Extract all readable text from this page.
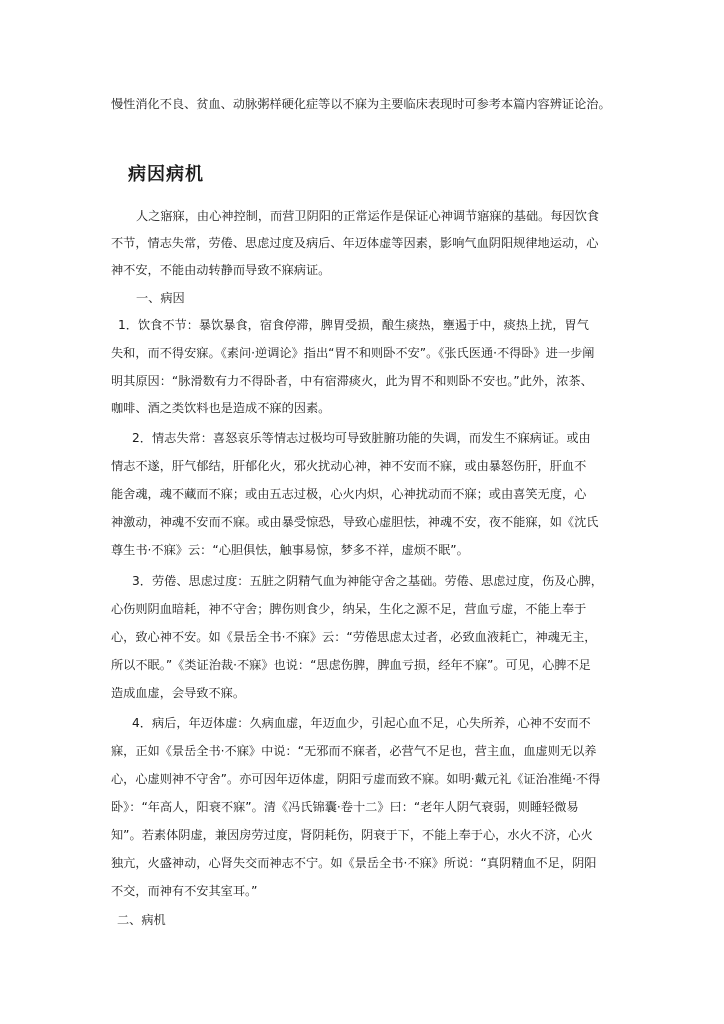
慢性消化不良、贫血、动脉粥样硬化症等以不寐为主要临床表现时可参考本篇内容辨证论治。
病因病机
人之寤寐，由心神控制，而营卫阴阳的正常运作是保证心神调节寤寐的基础。每因饮食
不节，情志失常，劳倦、思虑过度及病后、年迈体虚等因素，影响气血阴阳规律地运动，心
神不安，不能由动转静而导致不寐病证。
一、病因
1．饮食不节：暴饮暴食，宿食停滞，脾胃受损，酿生痰热，壅遏于中，痰热上扰，胃气
失和，而不得安寐。《素问·逆调论》指出“胃不和则卧不安”。《张氏医通·不得卧》进一步阐
明其原因：“脉滑数有力不得卧者，中有宿滞痰火，此为胃不和则卧不安也。”此外，浓茶、
咖啡、酒之类饮料也是造成不寐的因素。
2．情志失常：喜怒哀乐等情志过极均可导致脏腑功能的失调，而发生不寐病证。或由
情志不遂，肝气郁结，肝郁化火，邪火扰动心神，神不安而不寐，或由暴怒伤肝，肝血不
能舍魂，魂不藏而不寐；或由五志过极，心火内炽，心神扰动而不寐；或由喜笑无度，心
神激动，神魂不安而不寐。或由暴受惊恐，导致心虚胆怯，神魂不安，夜不能寐，如《沈氏
尊生书·不寐》云：“心胆俱怯，触事易惊，梦多不祥，虚烦不眠”。
3．劳倦、思虑过度：五脏之阴精气血为神能守舍之基础。劳倦、思虑过度，伤及心脾，
心伤则阴血暗耗，神不守舍；脾伤则食少，纳呆，生化之源不足，营血亏虚，不能上奉于
心，致心神不安。如《景岳全书·不寐》云：“劳倦思虑太过者，必致血液耗亡，神魂无主，
所以不眠。”《类证治裁·不寐》也说：“思虑伤脾，脾血亏损，经年不寐”。可见，心脾不足
造成血虚，会导致不寐。
4．病后，年迈体虚：久病血虚，年迈血少，引起心血不足，心失所养，心神不安而不
寐，正如《景岳全书·不寐》中说：“无邪而不寐者，必营气不足也，营主血，血虚则无以养
心，心虚则神不守舍”。亦可因年迈体虚，阴阳亏虚而致不寐。如明·戴元礼《证治准绳·不得
卧》：“年高人，阳衰不寐”。清《冯氏锦囊·卷十二》曰：“老年人阴气衰弱，则睡轻微易
知”。若素体阴虚，兼因房劳过度，肾阴耗伤，阴衰于下，不能上奉于心，水火不济，心火
独亢，火盛神动，心肾失交而神志不宁。如《景岳全书·不寐》所说：“真阴精血不足，阴阳
不交，而神有不安其室耳。”
二、病机
